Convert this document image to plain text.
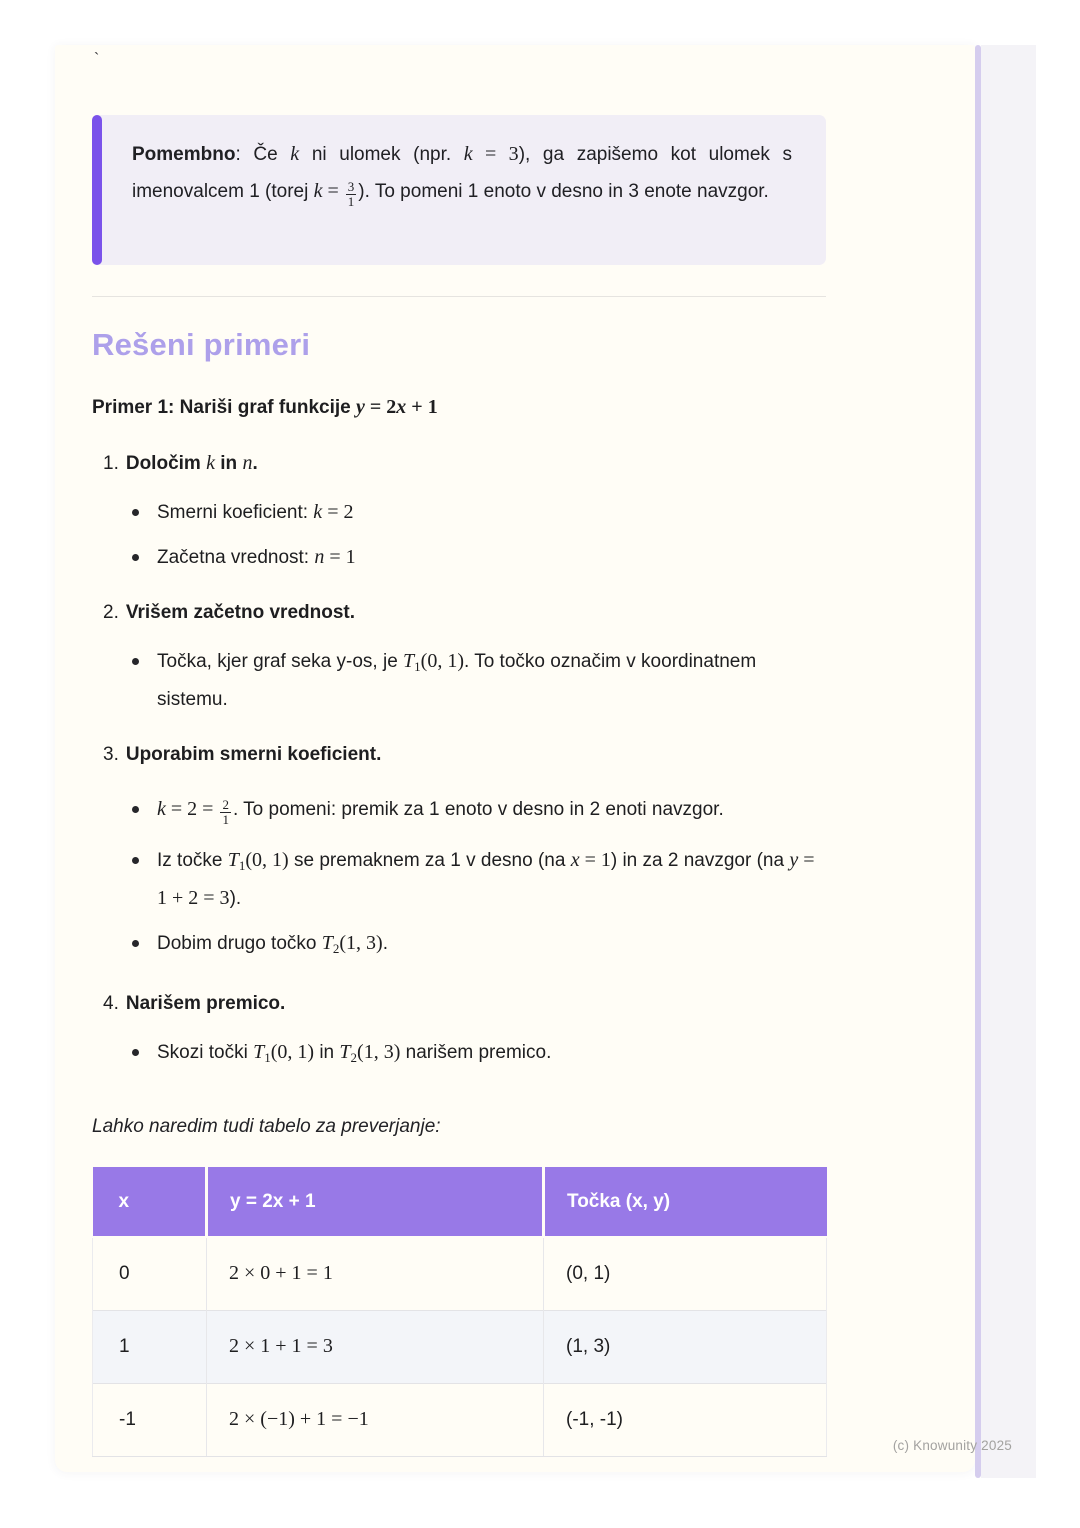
`
Pomembno: Če k ni ulomek (npr. k = 3), ga zapišemo kot ulomek s imenovalcem 1 (torej $k = \frac{3}{1}$ ). To pomeni 1 enoto v desno in 3 enote navzgor.
Rešeni primeri

Primer 1: Nariši graf funkcije y = 2x + 1

1. Določim k in n.
Smerni koeficient: k = 2
Začetna vrednost: n = 1
2. Vrišem začetno vrednost.
Točka, kjer graf seka y-os, je $T_1(0$, 1). To točko označim v koordinatnem sistemu.
3. Uporabim smerni koeficient.
$k = 2 = \frac{2}{1}$ . To pomeni: premik za 1 enoto v desno in 2 enoti navzgor.
Iz točke $T_1(0$, 1) se premaknem za 1 v desno (na x = 1) in za 2 navzgor (na y = 1 + 2 = 3).
Dobim drugo točko $T_2(1$, 3).
4. Narišem premico.
Skozi točki $T_1(0$, 1) in $T_2(1$, 3) narišem premico.

Lahko naredim tudi tabelo za preverjanje:

x	y = 2x + 1	Točka (x, y)
0	2 × 0 + 1 = 1	(0, 1)
1	2 × 1 + 1 = 3	(1, 3)
-1	2 × (−1) + 1 = −1	(-1, -1)
(c) Knowunity 2025
